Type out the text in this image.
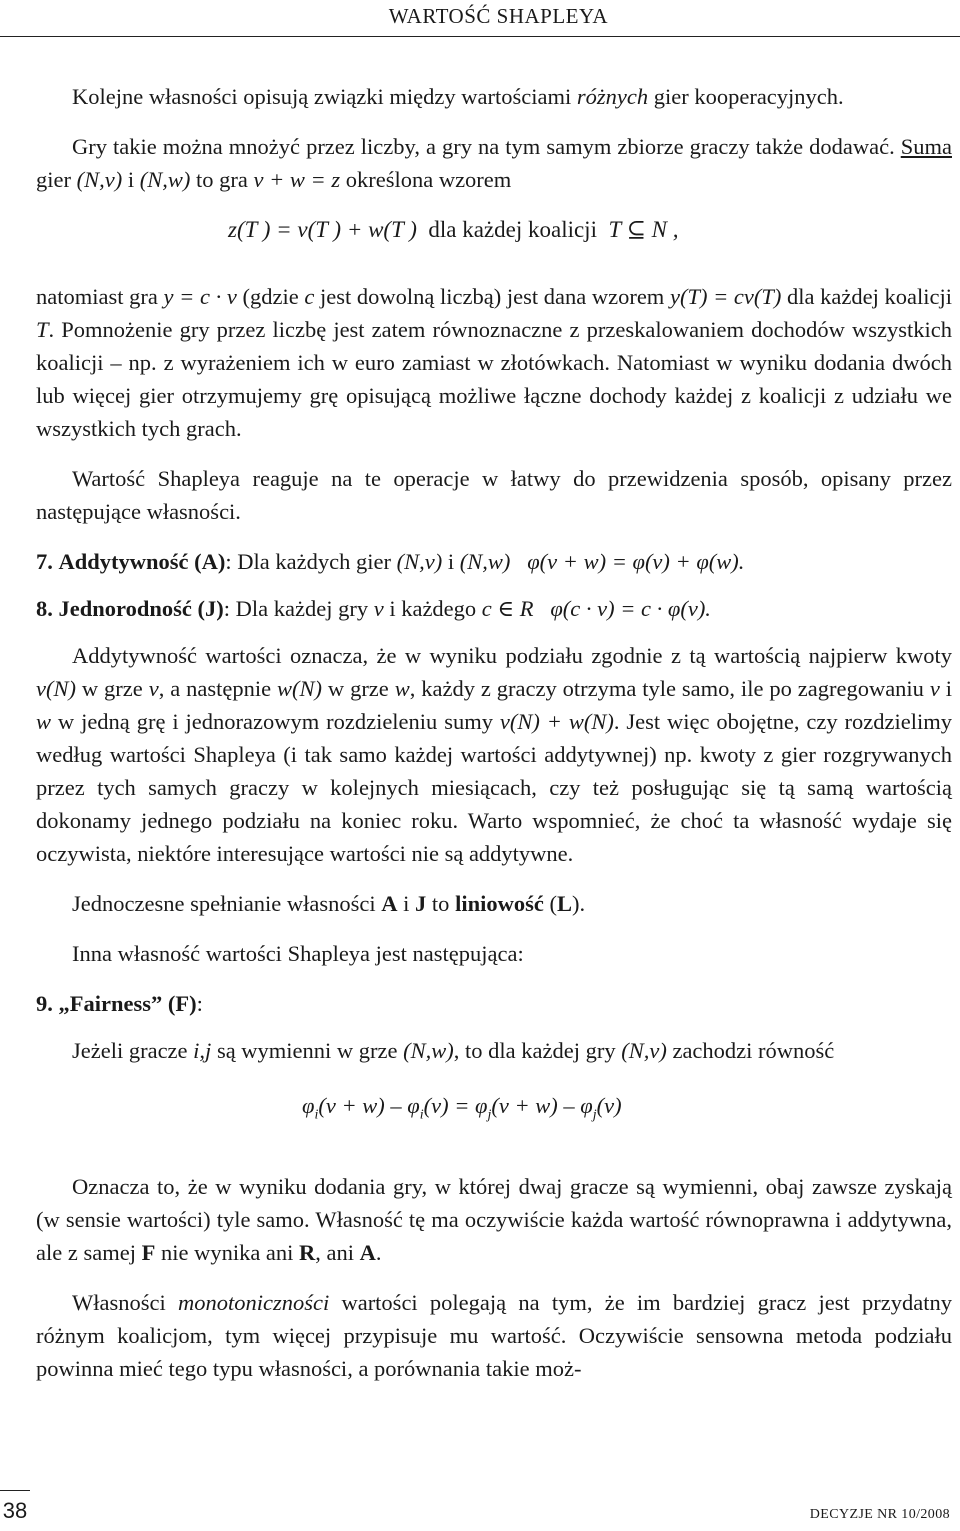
WARTOŚĆ SHAPLEYA

Kolejne własności opisują związki między wartościami różnych gier kooperacyjnych.

Gry takie można mnożyć przez liczby, a gry na tym samym zbiorze graczy także dodawać. Suma gier (N,v) i (N,w) to gra v + w = z określona wzorem

z(T ) = v(T ) + w(T )  dla każdej koalicji  T ⊆ N ,

natomiast gra y = c · v (gdzie c jest dowolną liczbą) jest dana wzorem y(T) = cv(T) dla każdej koalicji T. Pomnożenie gry przez liczbę jest zatem równoznaczne z przeskalowaniem dochodów wszystkich koalicji – np. z wyrażeniem ich w euro zamiast w złotówkach. Natomiast w wyniku dodania dwóch lub więcej gier otrzymujemy grę opisującą możliwe łączne dochody każdej z koalicji z udziału we wszystkich tych grach.

Wartość Shapleya reaguje na te operacje w łatwy do przewidzenia sposób, opisany przez następujące własności.

7. Addytywność (A): Dla każdych gier (N,v) i (N,w)   φ(v + w) = φ(v) + φ(w).

8. Jednorodność (J): Dla każdej gry v i każdego c ∈ R   φ(c · v) = c · φ(v).

Addytywność wartości oznacza, że w wyniku podziału zgodnie z tą wartością najpierw kwoty v(N) w grze v, a następnie w(N) w grze w, każdy z graczy otrzyma tyle samo, ile po zagregowaniu v i w w jedną grę i jednorazowym rozdzieleniu sumy v(N) + w(N). Jest więc obojętne, czy rozdzielimy według wartości Shapleya (i tak samo każdej wartości addytywnej) np. kwoty z gier rozgrywanych przez tych samych graczy w kolejnych miesiącach, czy też posługując się tą samą wartością dokonamy jednego podziału na koniec roku. Warto wspomnieć, że choć ta własność wydaje się oczywista, niektóre interesujące wartości nie są addytywne.

Jednoczesne spełnianie własności A i J to liniowość (L).

Inna własność wartości Shapleya jest następująca:

9. „Fairness” (F):

Jeżeli gracze i,j są wymienni w grze (N,w), to dla każdej gry (N,v) zachodzi równość

$\varphi_i(v + w) - \varphi_i(v) = \varphi_j(v + w) - \varphi_j(v)$

Oznacza to, że w wyniku dodania gry, w której dwaj gracze są wymienni, obaj zawsze zyskają (w sensie wartości) tyle samo. Własność tę ma oczywiście każda wartość równoprawna i addytywna, ale z samej F nie wynika ani R, ani A.

Własności monotoniczności wartości polegają na tym, że im bardziej gracz jest przydatny różnym koalicjom, tym więcej przypisuje mu wartość. Oczywiście sensowna metoda podziału powinna mieć tego typu własności, a porównania takie moż-

38	DECYZJE NR 10/2008
